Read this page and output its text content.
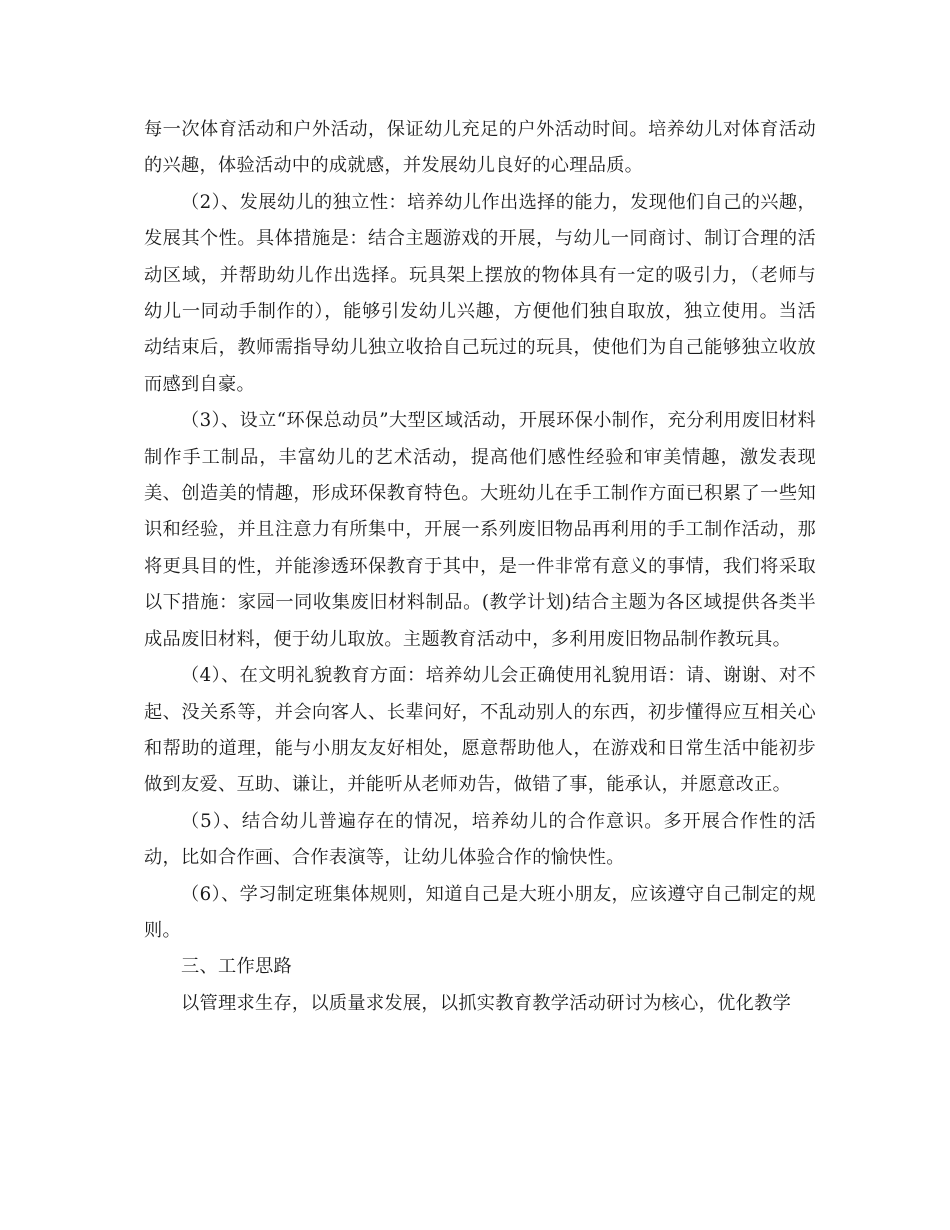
每一次体育活动和户外活动，保证幼儿充足的户外活动时间。培养幼儿对体育活动的兴趣，体验活动中的成就感，并发展幼儿良好的心理品质。

（2）、发展幼儿的独立性：培养幼儿作出选择的能力，发现他们自己的兴趣，发展其个性。具体措施是：结合主题游戏的开展，与幼儿一同商讨、制订合理的活动区域，并帮助幼儿作出选择。玩具架上摆放的物体具有一定的吸引力，（老师与幼儿一同动手制作的），能够引发幼儿兴趣，方便他们独自取放，独立使用。当活动结束后，教师需指导幼儿独立收拾自己玩过的玩具，使他们为自己能够独立收放而感到自豪。

（3）、设立“环保总动员”大型区域活动，开展环保小制作，充分利用废旧材料制作手工制品，丰富幼儿的艺术活动，提高他们感性经验和审美情趣，激发表现美、创造美的情趣，形成环保教育特色。大班幼儿在手工制作方面已积累了一些知识和经验，并且注意力有所集中，开展一系列废旧物品再利用的手工制作活动，那将更具目的性，并能渗透环保教育于其中，是一件非常有意义的事情，我们将采取以下措施：家园一同收集废旧材料制品。(教学计划)结合主题为各区域提供各类半成品废旧材料，便于幼儿取放。主题教育活动中，多利用废旧物品制作教玩具。

（4）、在文明礼貌教育方面：培养幼儿会正确使用礼貌用语：请、谢谢、对不起、没关系等，并会向客人、长辈问好，不乱动别人的东西，初步懂得应互相关心和帮助的道理，能与小朋友友好相处，愿意帮助他人，在游戏和日常生活中能初步做到友爱、互助、谦让，并能听从老师劝告，做错了事，能承认，并愿意改正。

（5）、结合幼儿普遍存在的情况，培养幼儿的合作意识。多开展合作性的活动，比如合作画、合作表演等，让幼儿体验合作的愉快性。

（6）、学习制定班集体规则，知道自己是大班小朋友，应该遵守自己制定的规则。

三、工作思路

以管理求生存，以质量求发展，以抓实教育教学活动研讨为核心，优化教学
